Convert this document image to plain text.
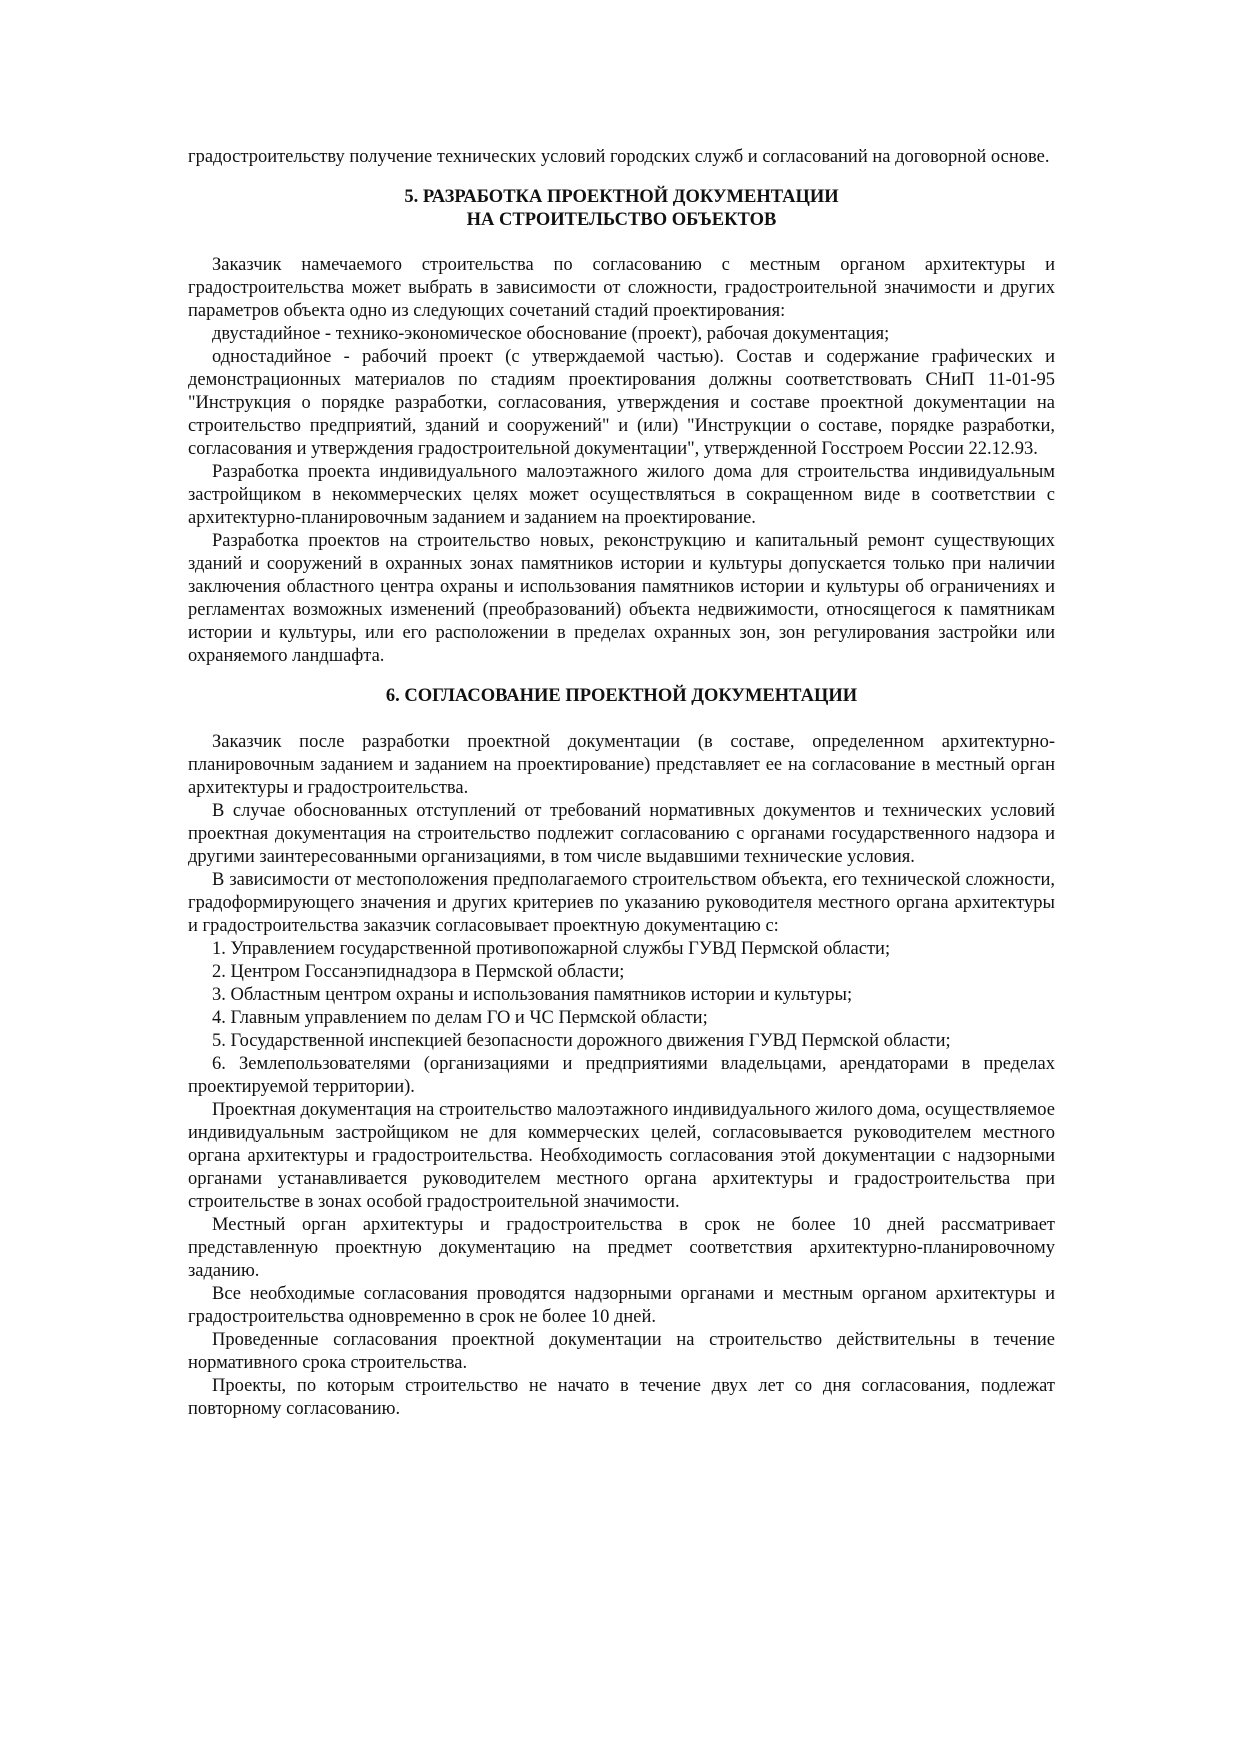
градостроительству получение технических условий городских служб и согласований на договорной основе.

5. РАЗРАБОТКА ПРОЕКТНОЙ ДОКУМЕНТАЦИИ

НА СТРОИТЕЛЬСТВО ОБЪЕКТОВ

Заказчик намечаемого строительства по согласованию с местным органом архитектуры и градостроительства может выбрать в зависимости от сложности, градостроительной значимости и других параметров объекта одно из следующих сочетаний стадий проектирования:

двустадийное - технико-экономическое обоснование (проект), рабочая документация;

одностадийное - рабочий проект (с утверждаемой частью). Состав и содержание графических и демонстрационных материалов по стадиям проектирования должны соответствовать СНиП 11-01-95 "Инструкция о порядке разработки, согласования, утверждения и составе проектной документации на строительство предприятий, зданий и сооружений" и (или) "Инструкции о составе, порядке разработки, согласования и утверждения градостроительной документации", утвержденной Госстроем России 22.12.93.

Разработка проекта индивидуального малоэтажного жилого дома для строительства индивидуальным застройщиком в некоммерческих целях может осуществляться в сокращенном виде в соответствии с архитектурно-планировочным заданием и заданием на проектирование.

Разработка проектов на строительство новых, реконструкцию и капитальный ремонт существующих зданий и сооружений в охранных зонах памятников истории и культуры допускается только при наличии заключения областного центра охраны и использования памятников истории и культуры об ограничениях и регламентах возможных изменений (преобразований) объекта недвижимости, относящегося к памятникам истории и культуры, или его расположении в пределах охранных зон, зон регулирования застройки или охраняемого ландшафта.

6. СОГЛАСОВАНИЕ ПРОЕКТНОЙ ДОКУМЕНТАЦИИ

Заказчик после разработки проектной документации (в составе, определенном архитектурно-планировочным заданием и заданием на проектирование) представляет ее на согласование в местный орган архитектуры и градостроительства.

В случае обоснованных отступлений от требований нормативных документов и технических условий проектная документация на строительство подлежит согласованию с органами государственного надзора и другими заинтересованными организациями, в том числе выдавшими технические условия.

В зависимости от местоположения предполагаемого строительством объекта, его технической сложности, градоформирующего значения и других критериев по указанию руководителя местного органа архитектуры и градостроительства заказчик согласовывает проектную документацию с:

1. Управлением государственной противопожарной службы ГУВД Пермской области;

2. Центром Госсанэпиднадзора в Пермской области;

3. Областным центром охраны и использования памятников истории и культуры;

4. Главным управлением по делам ГО и ЧС Пермской области;

5. Государственной инспекцией безопасности дорожного движения ГУВД Пермской области;

6. Землепользователями (организациями и предприятиями владельцами, арендаторами в пределах проектируемой территории).

Проектная документация на строительство малоэтажного индивидуального жилого дома, осуществляемое индивидуальным застройщиком не для коммерческих целей, согласовывается руководителем местного органа архитектуры и градостроительства. Необходимость согласования этой документации с надзорными органами устанавливается руководителем местного органа архитектуры и градостроительства при строительстве в зонах особой градостроительной значимости.

Местный орган архитектуры и градостроительства в срок не более 10 дней рассматривает представленную проектную документацию на предмет соответствия архитектурно-планировочному заданию.

Все необходимые согласования проводятся надзорными органами и местным органом архитектуры и градостроительства одновременно в срок не более 10 дней.

Проведенные согласования проектной документации на строительство действительны в течение нормативного срока строительства.

Проекты, по которым строительство не начато в течение двух лет со дня согласования, подлежат повторному согласованию.
